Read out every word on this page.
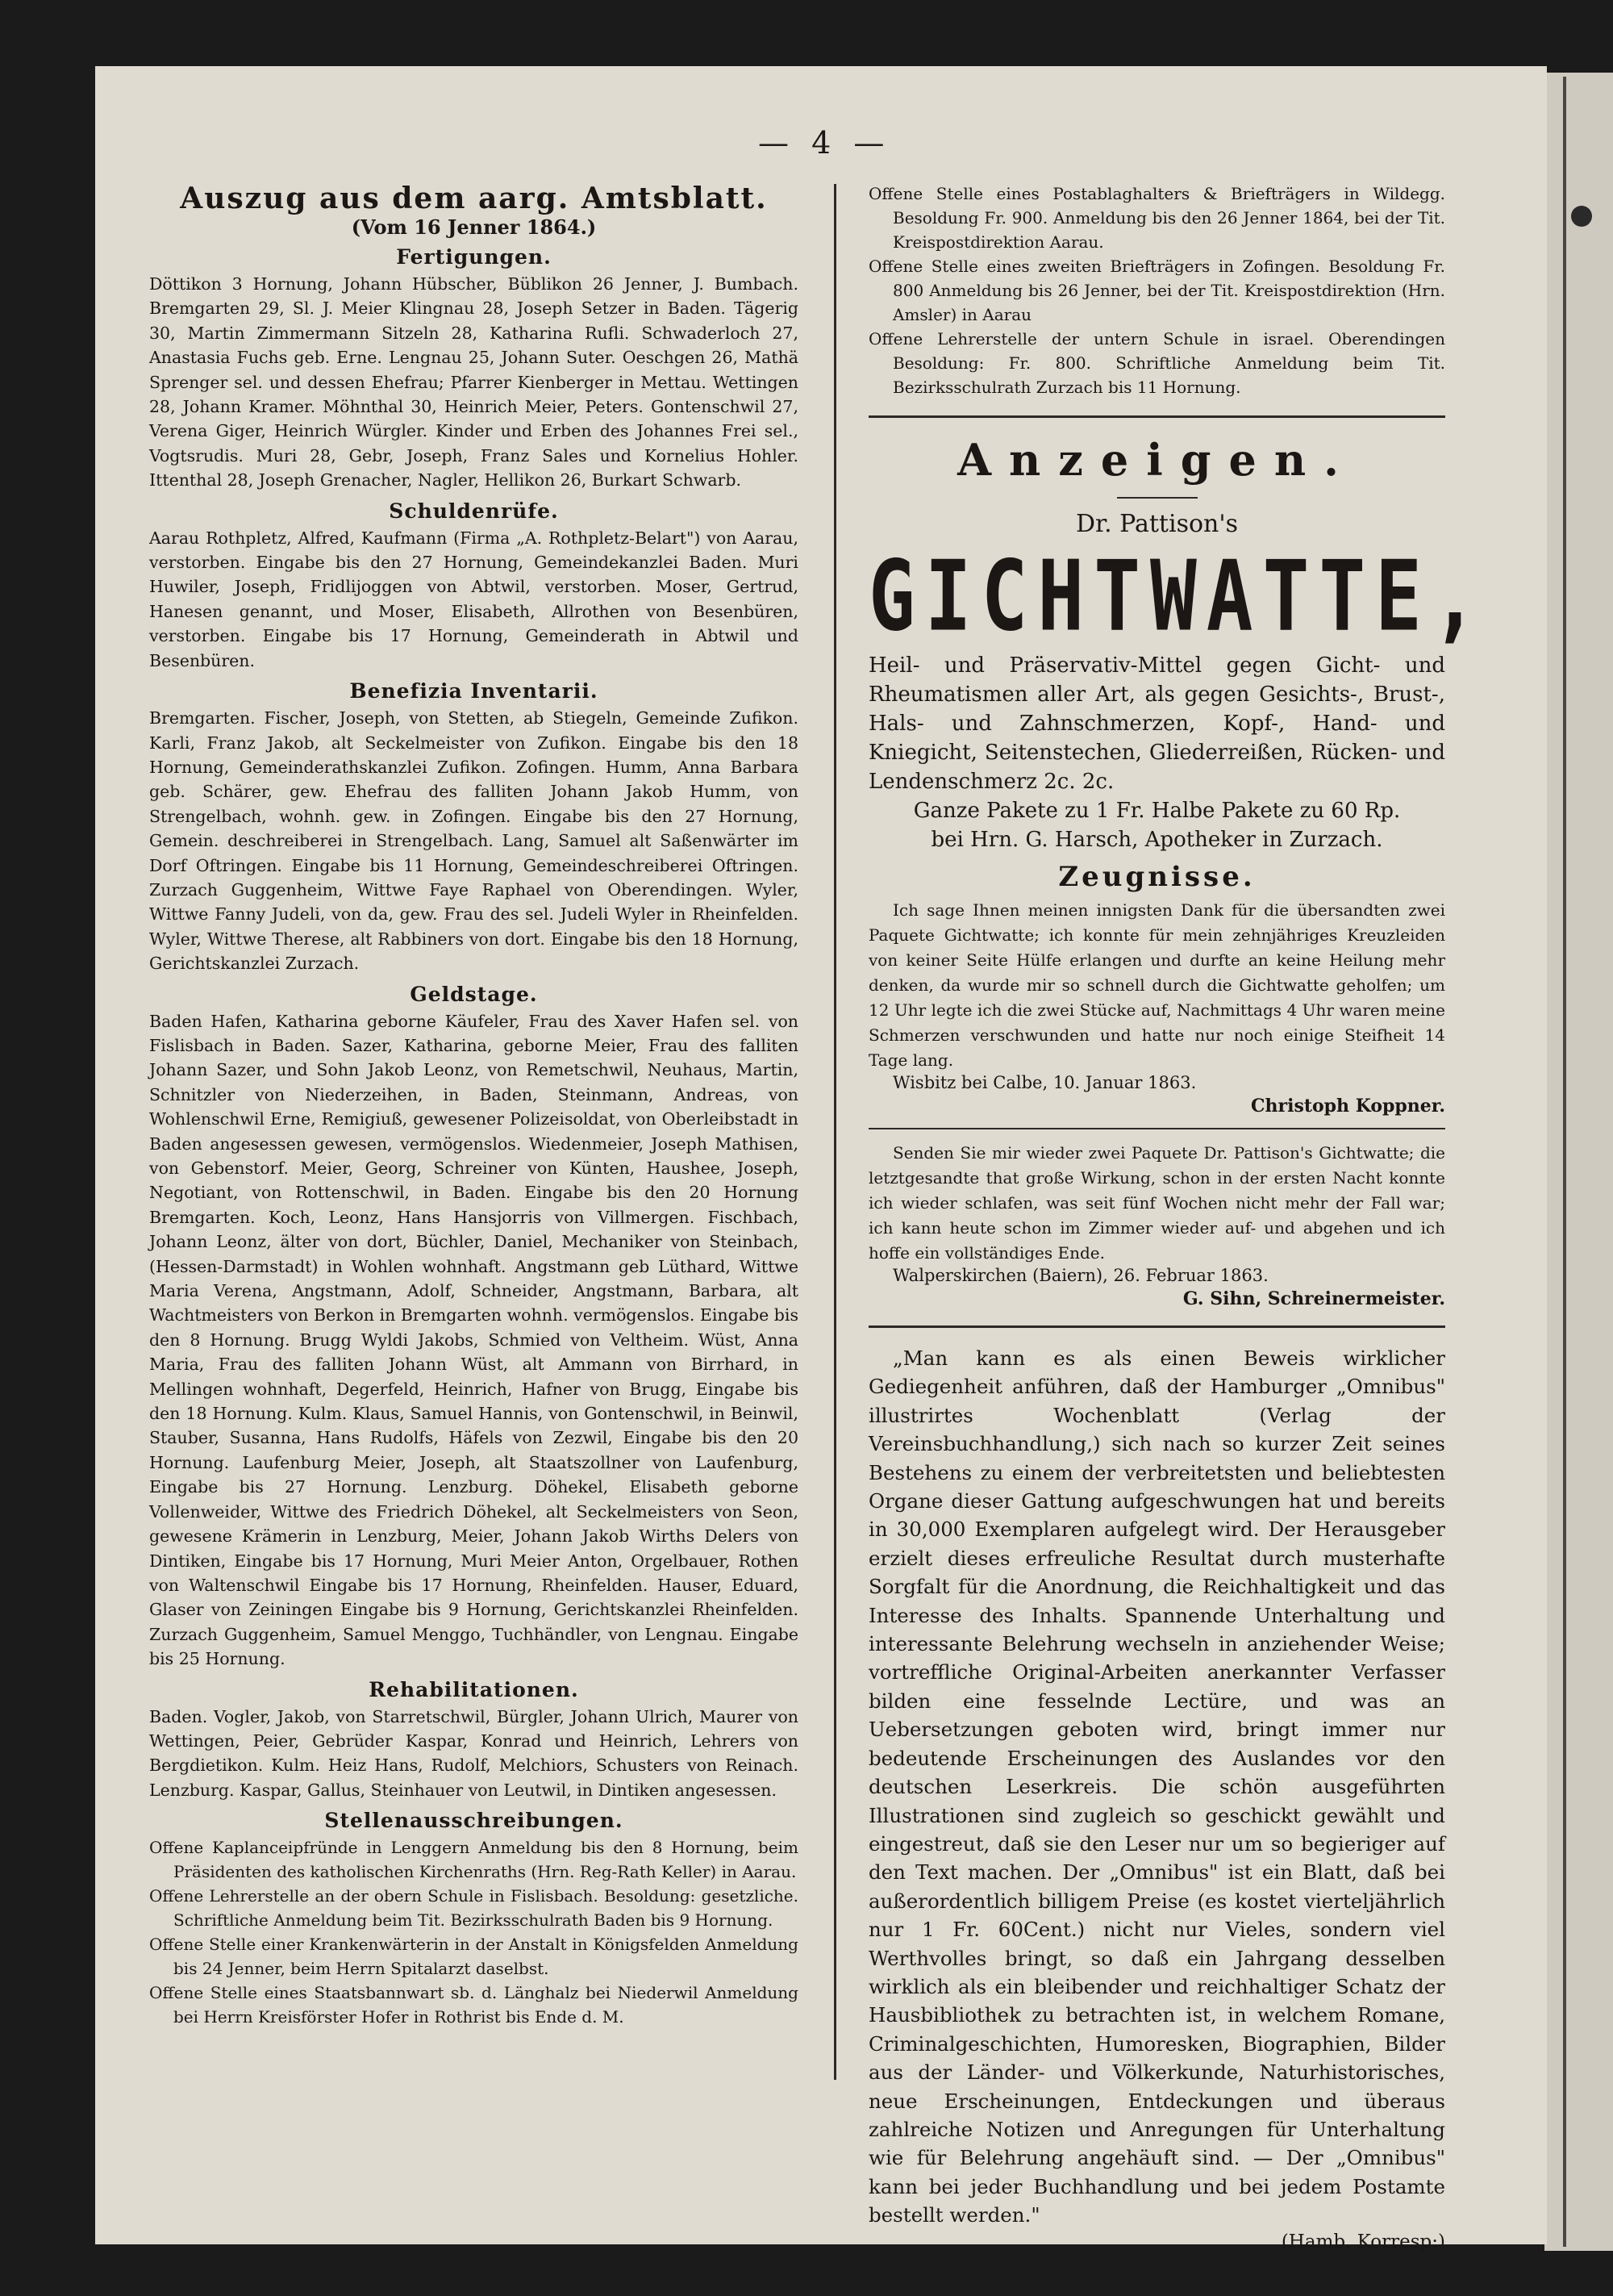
— 4 —
Auszug aus dem aarg. Amtsblatt.
(Vom 16 Jenner 1864.)
Fertigungen.

Döttikon 3 Hornung, Johann Hübscher, Büblikon 26 Jenner, J. Bumbach. Bremgarten 29, Sl. J. Meier Klingnau 28, Joseph Setzer in Baden. Tägerig 30, Martin Zimmermann Sitzeln 28, Katharina Rufli. Schwaderloch 27, Anastasia Fuchs geb. Erne. Lengnau 25, Johann Suter. Oeschgen 26, Mathä Sprenger sel. und dessen Ehefrau; Pfarrer Kienberger in Mettau. Wettingen 28, Johann Kramer. Möhnthal 30, Heinrich Meier, Peters. Gontenschwil 27, Verena Giger, Heinrich Würgler. Kinder und Erben des Johannes Frei sel., Vogtsrudis. Muri 28, Gebr, Joseph, Franz Sales und Kornelius Hohler. Ittenthal 28, Joseph Grenacher, Nagler, Hellikon 26, Burkart Schwarb.

Schuldenrüfe.

Aarau Rothpletz, Alfred, Kaufmann (Firma „A. Rothpletz-Belart") von Aarau, verstorben. Eingabe bis den 27 Hornung, Gemeindekanzlei Baden. Muri Huwiler, Joseph, Fridlijoggen von Abtwil, verstorben. Moser, Gertrud, Hanesen genannt, und Moser, Elisabeth, Allrothen von Besenbüren, verstorben. Eingabe bis 17 Hornung, Gemeinderath in Abtwil und Besenbüren.

Benefizia Inventarii.

Bremgarten. Fischer, Joseph, von Stetten, ab Stiegeln, Gemeinde Zufikon. Karli, Franz Jakob, alt Seckelmeister von Zufikon. Eingabe bis den 18 Hornung, Gemeinderathskanzlei Zufikon. Zofingen. Humm, Anna Barbara geb. Schärer, gew. Ehefrau des falliten Johann Jakob Humm, von Strengelbach, wohnh. gew. in Zofingen. Eingabe bis den 27 Hornung, Gemein. deschreiberei in Strengelbach. Lang, Samuel alt Saßenwärter im Dorf Oftringen. Eingabe bis 11 Hornung, Gemeindeschreiberei Oftringen. Zurzach Guggenheim, Wittwe Faye Raphael von Oberendingen. Wyler, Wittwe Fanny Judeli, von da, gew. Frau des sel. Judeli Wyler in Rheinfelden. Wyler, Wittwe Therese, alt Rabbiners von dort. Eingabe bis den 18 Hornung, Gerichtskanzlei Zurzach.

Geldstage.

Baden Hafen, Katharina geborne Käufeler, Frau des Xaver Hafen sel. von Fislisbach in Baden. Sazer, Katharina, geborne Meier, Frau des falliten Johann Sazer, und Sohn Jakob Leonz, von Remetschwil, Neuhaus, Martin, Schnitzler von Niederzeihen, in Baden, Steinmann, Andreas, von Wohlenschwil Erne, Remigiuß, gewesener Polizeisoldat, von Oberleibstadt in Baden angesessen gewesen, vermögenslos. Wiedenmeier, Joseph Mathisen, von Gebenstorf. Meier, Georg, Schreiner von Künten, Haushee, Joseph, Negotiant, von Rottenschwil, in Baden. Eingabe bis den 20 Hornung Bremgarten. Koch, Leonz, Hans Hansjorris von Villmergen. Fischbach, Johann Leonz, älter von dort, Büchler, Daniel, Mechaniker von Steinbach, (Hessen-Darmstadt) in Wohlen wohnhaft. Angstmann geb Lüthard, Wittwe Maria Verena, Angstmann, Adolf, Schneider, Angstmann, Barbara, alt Wachtmeisters von Berkon in Bremgarten wohnh. vermögenslos. Eingabe bis den 8 Hornung. Brugg Wyldi Jakobs, Schmied von Veltheim. Wüst, Anna Maria, Frau des falliten Johann Wüst, alt Ammann von Birrhard, in Mellingen wohnhaft, Degerfeld, Heinrich, Hafner von Brugg, Eingabe bis den 18 Hornung. Kulm. Klaus, Samuel Hannis, von Gontenschwil, in Beinwil, Stauber, Susanna, Hans Rudolfs, Häfels von Zezwil, Eingabe bis den 20 Hornung. Laufenburg Meier, Joseph, alt Staatszollner von Laufenburg, Eingabe bis 27 Hornung. Lenzburg. Döhekel, Elisabeth geborne Vollenweider, Wittwe des Friedrich Döhekel, alt Seckelmeisters von Seon, gewesene Krämerin in Lenzburg, Meier, Johann Jakob Wirths Delers von Dintiken, Eingabe bis 17 Hornung, Muri Meier Anton, Orgelbauer, Rothen von Waltenschwil Eingabe bis 17 Hornung, Rheinfelden. Hauser, Eduard, Glaser von Zeiningen Eingabe bis 9 Hornung, Gerichtskanzlei Rheinfelden. Zurzach Guggenheim, Samuel Menggo, Tuchhändler, von Lengnau. Eingabe bis 25 Hornung.

Rehabilitationen.

Baden. Vogler, Jakob, von Starretschwil, Bürgler, Johann Ulrich, Maurer von Wettingen, Peier, Gebrüder Kaspar, Konrad und Heinrich, Lehrers von Bergdietikon. Kulm. Heiz Hans, Rudolf, Melchiors, Schusters von Reinach. Lenzburg. Kaspar, Gallus, Steinhauer von Leutwil, in Dintiken angesessen.

Stellenausschreibungen.

Offene Kaplanceipfründe in Lenggern Anmeldung bis den 8 Hornung, beim Präsidenten des katholischen Kirchenraths (Hrn. Reg-Rath Keller) in Aarau.

Offene Lehrerstelle an der obern Schule in Fislisbach. Besoldung: gesetzliche. Schriftliche Anmeldung beim Tit. Bezirksschulrath Baden bis 9 Hornung.

Offene Stelle einer Krankenwärterin in der Anstalt in Königsfelden Anmeldung bis 24 Jenner, beim Herrn Spitalarzt daselbst.

Offene Stelle eines Staatsbannwart sb. d. Länghalz bei Niederwil Anmeldung bei Herrn Kreisförster Hofer in Rothrist bis Ende d. M.

Offene Stelle eines Postablaghalters & Briefträgers in Wildegg. Besoldung Fr. 900. Anmeldung bis den 26 Jenner 1864, bei der Tit. Kreispostdirektion Aarau.

Offene Stelle eines zweiten Briefträgers in Zofingen. Besoldung Fr. 800 Anmeldung bis 26 Jenner, bei der Tit. Kreispostdirektion (Hrn. Amsler) in Aarau

Offene Lehrerstelle der untern Schule in israel. Oberendingen Besoldung: Fr. 800. Schriftliche Anmeldung beim Tit. Bezirksschulrath Zurzach bis 11 Hornung.

Anzeigen.
Dr. Pattison's
GICHTWATTE,

Heil- und Präservativ-Mittel gegen Gicht- und Rheumatismen aller Art, als gegen Gesichts-, Brust-, Hals- und Zahnschmerzen, Kopf-, Hand- und Kniegicht, Seitenstechen, Gliederreißen, Rücken- und Lendenschmerz 2c. 2c.

Ganze Pakete zu 1 Fr. Halbe Pakete zu 60 Rp.

bei Hrn. G. Harsch, Apotheker in Zurzach.

Zeugnisse.

Ich sage Ihnen meinen innigsten Dank für die übersandten zwei Paquete Gichtwatte; ich konnte für mein zehnjähriges Kreuzleiden von keiner Seite Hülfe erlangen und durfte an keine Heilung mehr denken, da wurde mir so schnell durch die Gichtwatte geholfen; um 12 Uhr legte ich die zwei Stücke auf, Nachmittags 4 Uhr waren meine Schmerzen verschwunden und hatte nur noch einige Steifheit 14 Tage lang.

Wisbitz bei Calbe, 10. Januar 1863.

Christoph Koppner.

Senden Sie mir wieder zwei Paquete Dr. Pattison's Gichtwatte; die letztgesandte that große Wirkung, schon in der ersten Nacht konnte ich wieder schlafen, was seit fünf Wochen nicht mehr der Fall war; ich kann heute schon im Zimmer wieder auf- und abgehen und ich hoffe ein vollständiges Ende.

Walperskirchen (Baiern), 26. Februar 1863.

G. Sihn, Schreinermeister.

„Man kann es als einen Beweis wirklicher Gediegenheit anführen, daß der Hamburger „Omnibus" illustrirtes Wochenblatt (Verlag der Vereinsbuchhandlung,) sich nach so kurzer Zeit seines Bestehens zu einem der verbreitetsten und beliebtesten Organe dieser Gattung aufgeschwungen hat und bereits in 30,000 Exemplaren aufgelegt wird. Der Herausgeber erzielt dieses erfreuliche Resultat durch musterhafte Sorgfalt für die Anordnung, die Reichhaltigkeit und das Interesse des Inhalts. Spannende Unterhaltung und interessante Belehrung wechseln in anziehender Weise; vortreffliche Original-Arbeiten anerkannter Verfasser bilden eine fesselnde Lectüre, und was an Uebersetzungen geboten wird, bringt immer nur bedeutende Erscheinungen des Auslandes vor den deutschen Leserkreis. Die schön ausgeführten Illustrationen sind zugleich so geschickt gewählt und eingestreut, daß sie den Leser nur um so begieriger auf den Text machen. Der „Omnibus" ist ein Blatt, daß bei außerordentlich billigem Preise (es kostet vierteljährlich nur 1 Fr. 60Cent.) nicht nur Vieles, sondern viel Werthvolles bringt, so daß ein Jahrgang desselben wirklich als ein bleibender und reichhaltiger Schatz der Hausbibliothek zu betrachten ist, in welchem Romane, Criminalgeschichten, Humoresken, Biographien, Bilder aus der Länder- und Völkerkunde, Naturhistorisches, neue Erscheinungen, Entdeckungen und überaus zahlreiche Notizen und Anregungen für Unterhaltung wie für Belehrung angehäuft sind. — Der „Omnibus" kann bei jeder Buchhandlung und bei jedem Postamte bestellt werden."

(Hamb. Korresp:)
